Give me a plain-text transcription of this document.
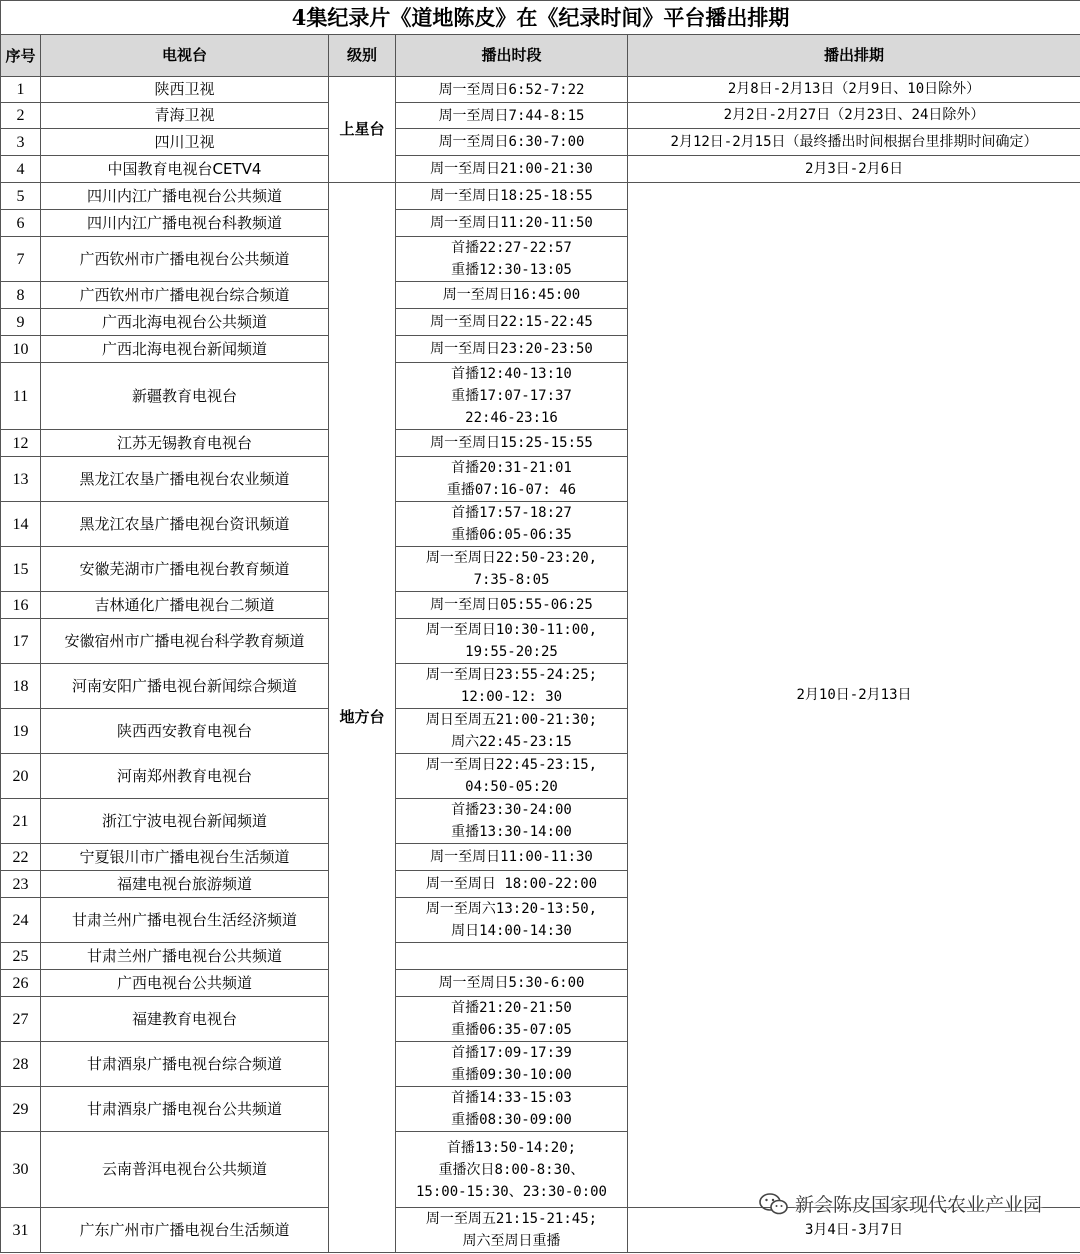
4集纪录片《道地陈皮》在《纪录时间》平台播出排期				
序号	电视台	级别	播出时段	播出排期
1	陕西卫视	上星台	周一至周日6:52-7:22	2月8日-2月13日（2月9日、10日除外）
2	青海卫视		周一至周日7:44-8:15	2月2日-2月27日（2月23日、24日除外）
3	四川卫视		周一至周日6:30-7:00	2月12日-2月15日（最终播出时间根据台里排期时间确定）
4	中国教育电视台CETV4		周一至周日21:00-21:30	2月3日-2月6日
5	四川内江广播电视台公共频道	地方台	周一至周日18:25-18:55	2月10日-2月13日
6	四川内江广播电视台科教频道		周一至周日11:20-11:50	

7	广西钦州市广播电视台公共频道		首播22:27-22:57
重播12:30-13:05	

8	广西钦州市广播电视台综合频道		周一至周日16:45:00	

9	广西北海电视台公共频道		周一至周日22:15-22:45	

10	广西北海电视台新闻频道		周一至周日23:20-23:50	

11	新疆教育电视台		首播12:40-13:10
重播17:07-17:37
22:46-23:16	

12	江苏无锡教育电视台		周一至周日15:25-15:55	

13	黑龙江农垦广播电视台农业频道		首播20:31-21:01
重播07:16-07: 46	

14	黑龙江农垦广播电视台资讯频道		首播17:57-18:27
重播06:05-06:35	

15	安徽芜湖市广播电视台教育频道		周一至周日22:50-23:20,
7:35-8:05	

16	吉林通化广播电视台二频道		周一至周日05:55-06:25	

17	安徽宿州市广播电视台科学教育频道		周一至周日10:30-11:00,
19:55-20:25	

18	河南安阳广播电视台新闻综合频道		周一至周日23:55-24:25;
12:00-12: 30	

19	陕西西安教育电视台		周日至周五21:00-21:30;
周六22:45-23:15	

20	河南郑州教育电视台		周一至周日22:45-23:15,
04:50-05:20	

21	浙江宁波电视台新闻频道		首播23:30-24:00
重播13:30-14:00	

22	宁夏银川市广播电视台生活频道		周一至周日11:00-11:30	

23	福建电视台旅游频道		周一至周日 18:00-22:00	

24	甘肃兰州广播电视台生活经济频道		周一至周六13:20-13:50,
周日14:00-14:30	

25	甘肃兰州广播电视台公共频道			
26	广西电视台公共频道		周一至周日5:30-6:00	

27	福建教育电视台		首播21:20-21:50
重播06:35-07:05	

28	甘肃酒泉广播电视台综合频道		首播17:09-17:39
重播09:30-10:00	

29	甘肃酒泉广播电视台公共频道		首播14:33-15:03
重播08:30-09:00	

30	云南普洱电视台公共频道		首播13:50-14:20;
重播次日8:00-8:30、
15:00-15:30、23:30-0:00	

31	广东广州市广播电视台生活频道		周一至周五21:15-21:45;
周六至周日重播	3月4日-3月7日
新会陈皮国家现代农业产业园
